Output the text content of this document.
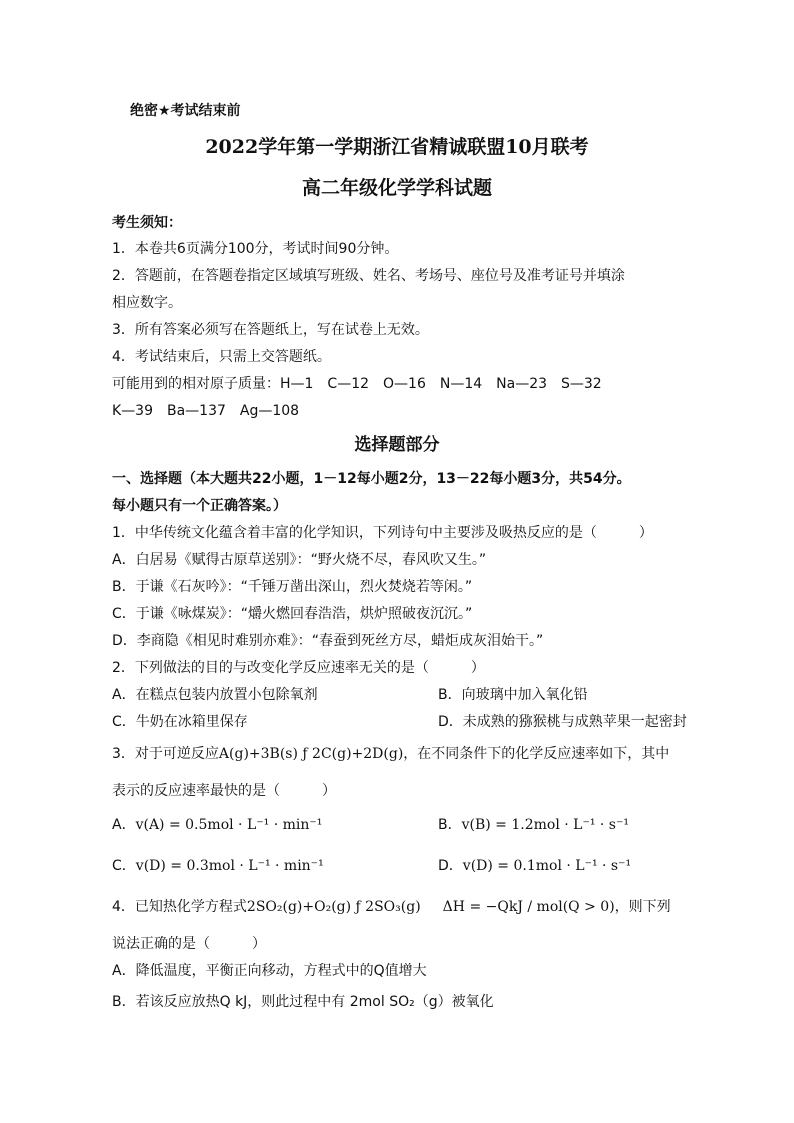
绝密★考试结束前
2022学年第一学期浙江省精诚联盟10月联考
高二年级化学学科试题
考生须知：
1．本卷共6页满分100分，考试时间90分钟。
2．答题前，在答题卷指定区域填写班级、姓名、考场号、座位号及准考证号并填涂
相应数字。
3．所有答案必须写在答题纸上，写在试卷上无效。
4．考试结束后，只需上交答题纸。
可能用到的相对原子质量：H—1　C—12　O—16　N—14　Na—23　S—32
K—39　Ba—137　Ag—108
选择题部分
一、选择题（本大题共22小题，1－12每小题2分，13－22每小题3分，共54分。
每小题只有一个正确答案。）
1．中华传统文化蕴含着丰富的化学知识，下列诗句中主要涉及吸热反应的是（　　　）
A．白居易《赋得古原草送别》：“野火烧不尽，春风吹又生。”
B．于谦《石灰吟》：“千锤万凿出深山，烈火焚烧若等闲。”
C．于谦《咏煤炭》：“爝火燃回春浩浩，烘炉照破夜沉沉。”
D．李商隐《相见时难别亦难》：“春蚕到死丝方尽，蜡炬成灰泪始干。”
2．下列做法的目的与改变化学反应速率无关的是（　　　）
A．在糕点包装内放置小包除氧剂	B．向玻璃中加入氧化铅
C．牛奶在冰箱里保存	D．未成熟的猕猴桃与成熟苹果一起密封
3．对于可逆反应A(g)+3B(s) ƒ 2C(g)+2D(g)，在不同条件下的化学反应速率如下，其中
表示的反应速率最快的是（　　　）
A．v(A) = 0.5mol · L⁻¹ · min⁻¹	B．v(B) = 1.2mol · L⁻¹ · s⁻¹
C．v(D) = 0.3mol · L⁻¹ · min⁻¹	D．v(D) = 0.1mol · L⁻¹ · s⁻¹
4．已知热化学方程式2SO₂(g)+O₂(g) ƒ 2SO₃(g) ΔH = −QkJ / mol(Q > 0)，则下列
说法正确的是（　　　）
A．降低温度，平衡正向移动，方程式中的Q值增大
B．若该反应放热Q kJ，则此过程中有 2mol SO₂（g）被氧化
